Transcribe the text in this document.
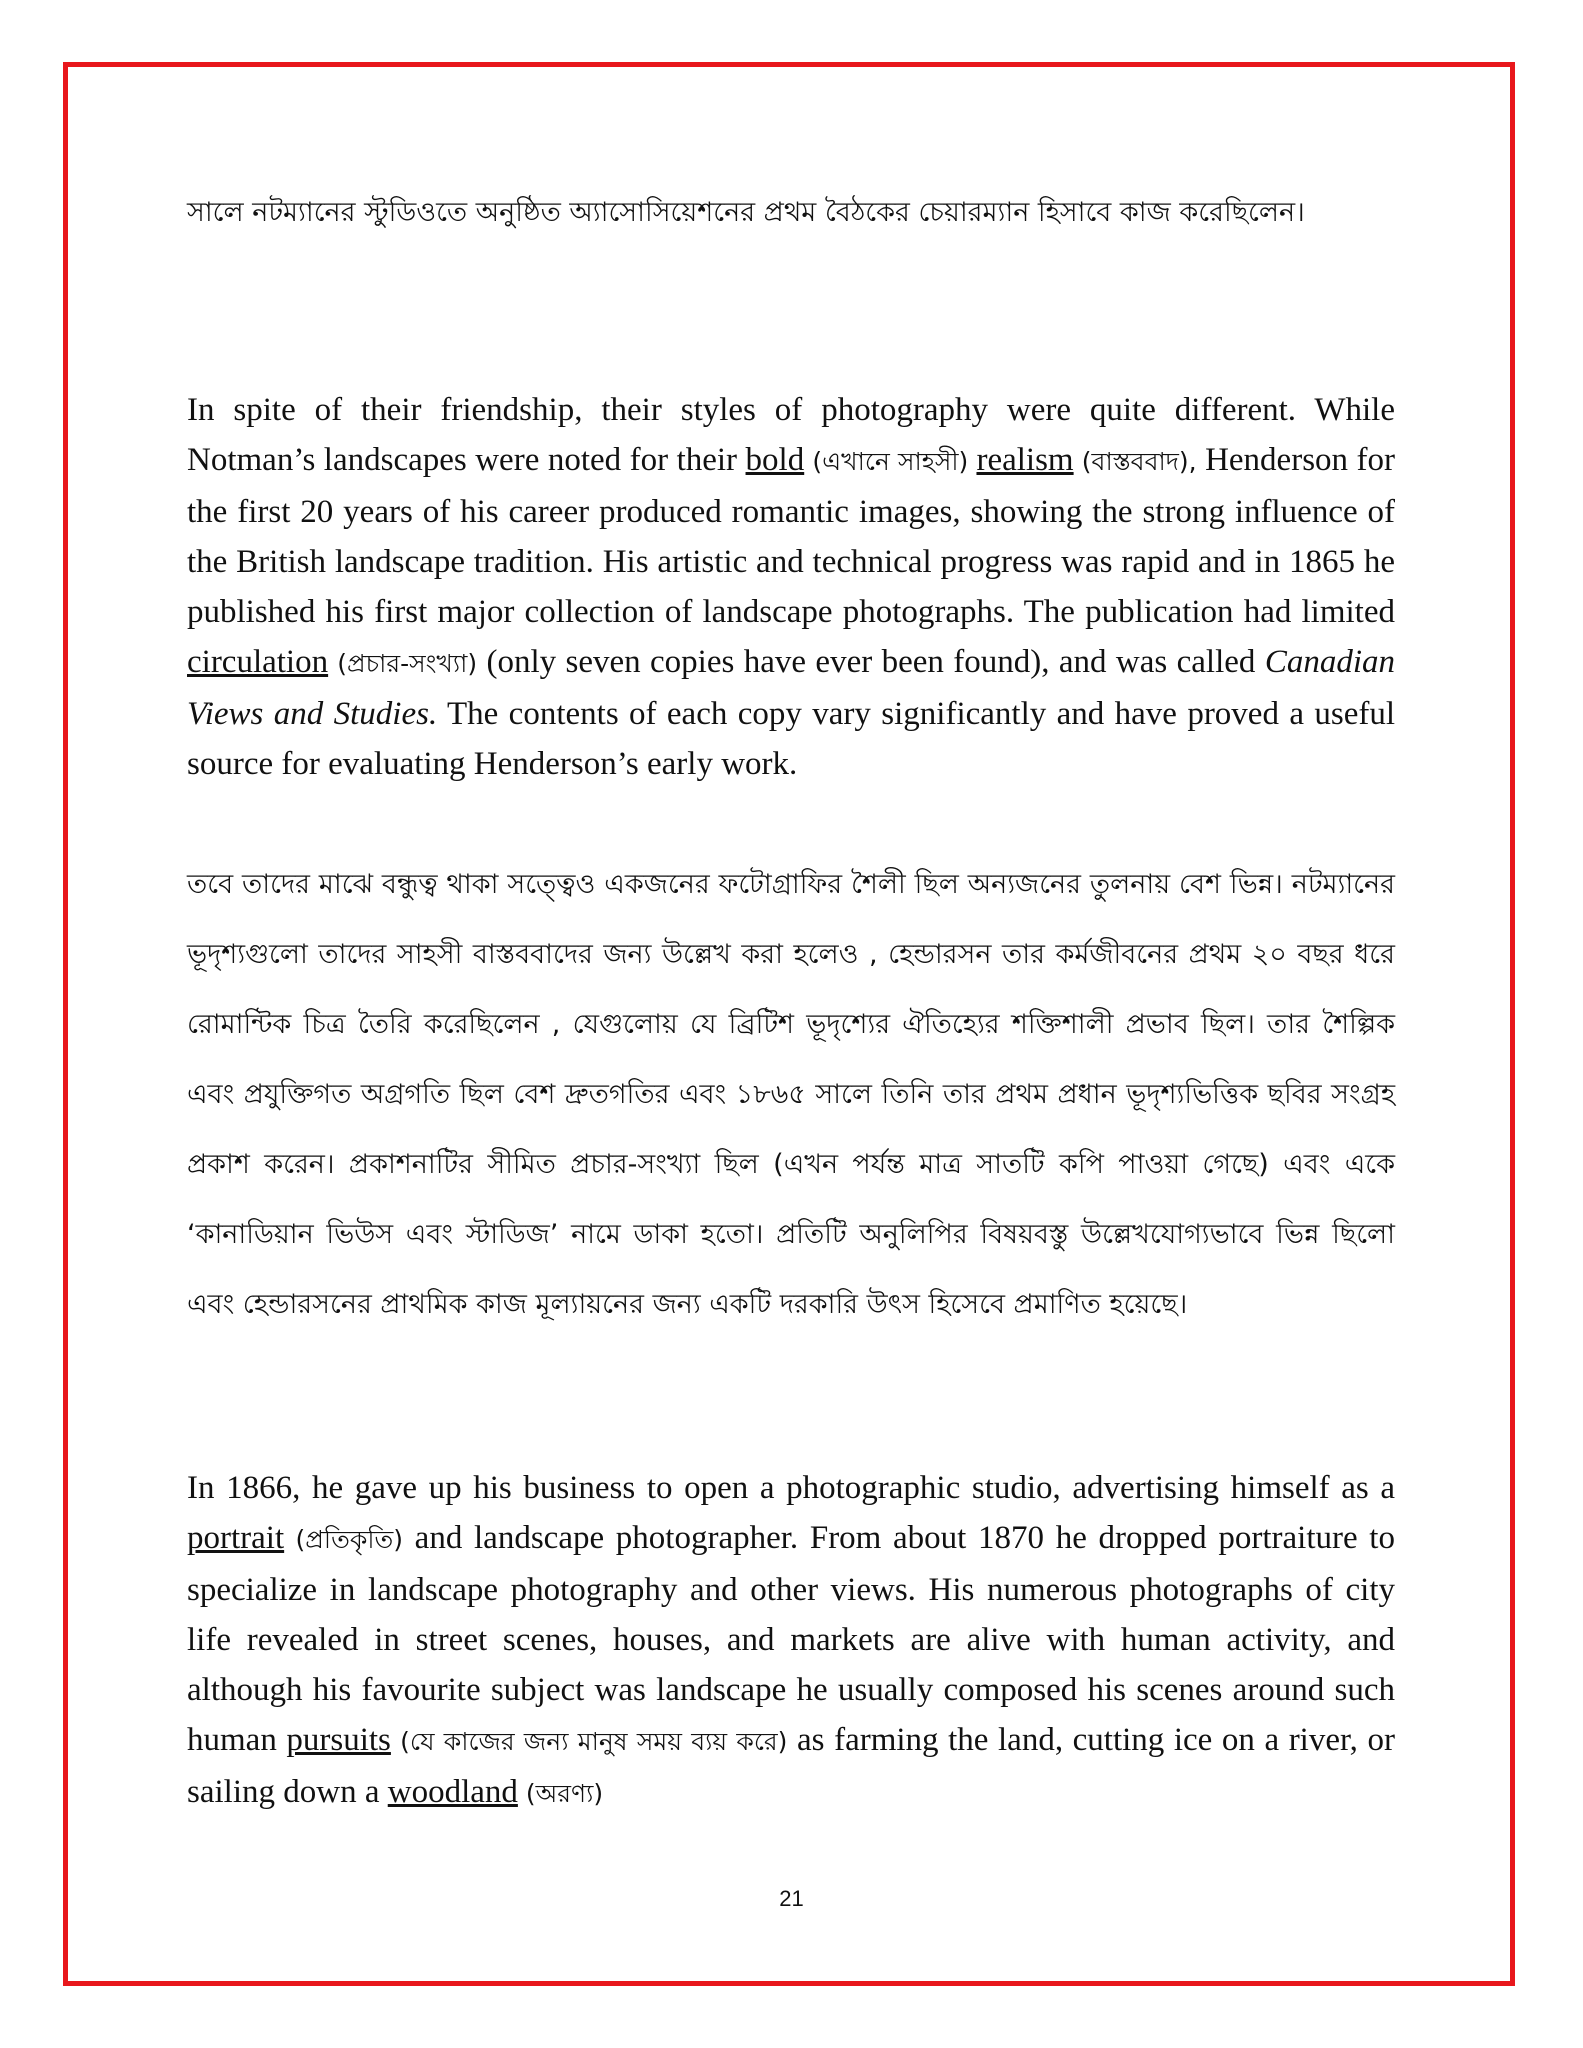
সালে নটম্যানের স্টুডিওতে অনুষ্ঠিত অ্যাসোসিয়েশনের প্রথম বৈঠকের চেয়ারম্যান হিসাবে কাজ করেছিলেন।

In spite of their friendship, their styles of photography were quite different. While Notman’s landscapes were noted for their bold (এখানে সাহসী) realism (বাস্তববাদ), Henderson for the first 20 years of his career produced romantic images, showing the strong influence of the British landscape tradition. His artistic and technical progress was rapid and in 1865 he published his first major collection of landscape photographs. The publication had limited circulation (প্রচার-সংখ্যা) (only seven copies have ever been found), and was called Canadian Views and Studies. The contents of each copy vary significantly and have proved a useful source for evaluating Henderson’s early work.

তবে তাদের মাঝে বন্ধুত্ব থাকা সত্ত্বেও একজনের ফটোগ্রাফির শৈলী ছিল অন্যজনের তুলনায় বেশ ভিন্ন। নটম্যানের ভূদৃশ্যগুলো তাদের সাহসী বাস্তববাদের জন্য উল্লেখ করা হলেও , হেন্ডারসন তার কর্মজীবনের প্রথম ২০ বছর ধরে রোমান্টিক চিত্র তৈরি করেছিলেন , যেগুলোয় যে ব্রিটিশ ভূদৃশ্যের ঐতিহ্যের শক্তিশালী প্রভাব ছিল। তার শৈল্পিক এবং প্রযুক্তিগত অগ্রগতি ছিল বেশ দ্রুতগতির এবং ১৮৬৫ সালে তিনি তার প্রথম প্রধান ভূদৃশ্যভিত্তিক ছবির সংগ্রহ প্রকাশ করেন। প্রকাশনাটির সীমিত প্রচার-সংখ্যা ছিল (এখন পর্যন্ত মাত্র সাতটি কপি পাওয়া গেছে) এবং একে ‘কানাডিয়ান ভিউস এবং স্টাডিজ’ নামে ডাকা হতো। প্রতিটি অনুলিপির বিষয়বস্তু উল্লেখযোগ্যভাবে ভিন্ন ছিলো এবং হেন্ডারসনের প্রাথমিক কাজ মূল্যায়নের জন্য একটি দরকারি উৎস হিসেবে প্রমাণিত হয়েছে।

In 1866, he gave up his business to open a photographic studio, advertising himself as a portrait (প্রতিকৃতি) and landscape photographer. From about 1870 he dropped portraiture to specialize in landscape photography and other views. His numerous photographs of city life revealed in street scenes, houses, and markets are alive with human activity, and although his favourite subject was landscape he usually composed his scenes around such human pursuits (যে কাজের জন্য মানুষ সময় ব্যয় করে) as farming the land, cutting ice on a river, or sailing down a woodland (অরণ্য)

21
